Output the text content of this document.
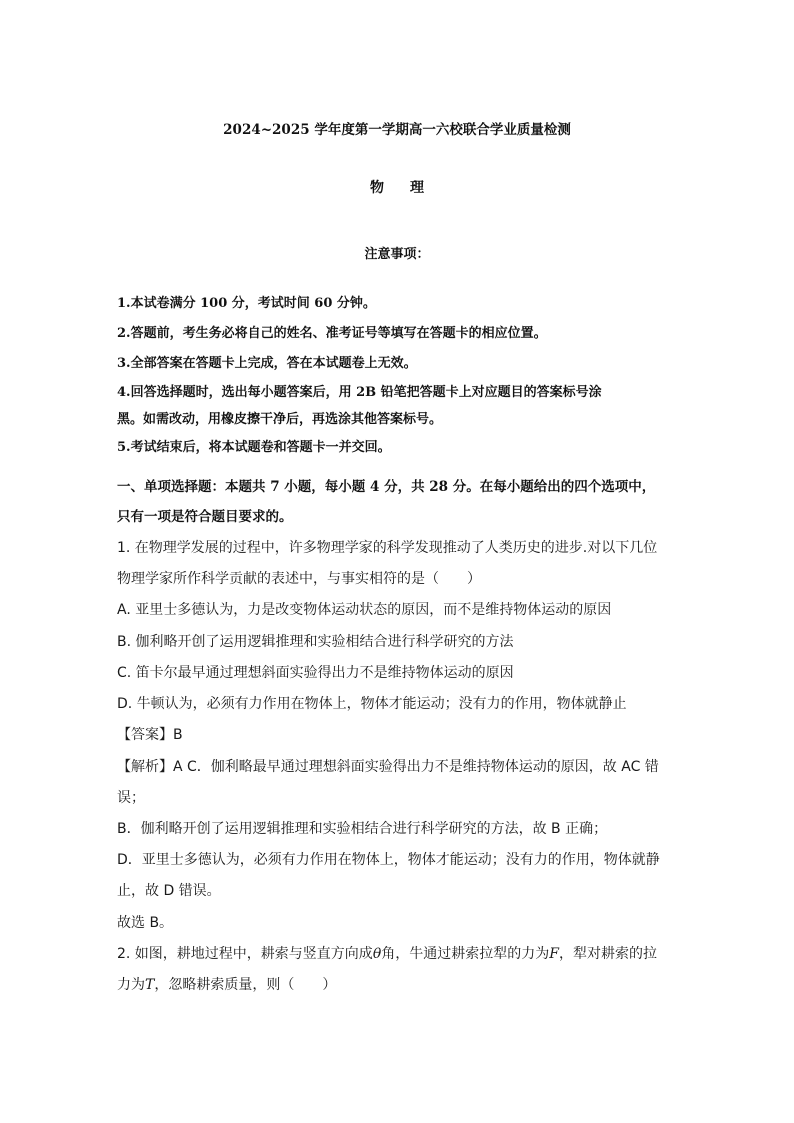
2024~2025 学年度第一学期高一六校联合学业质量检测
物理
注意事项：
1.本试卷满分 100 分，考试时间 60 分钟。
2.答题前，考生务必将自己的姓名、准考证号等填写在答题卡的相应位置。
3.全部答案在答题卡上完成，答在本试题卷上无效。
4.回答选择题时，选出每小题答案后，用 2B 铅笔把答题卡上对应题目的答案标号涂
黑。如需改动，用橡皮擦干净后，再选涂其他答案标号。
5.考试结束后，将本试题卷和答题卡一并交回。
一、单项选择题：本题共 7 小题，每小题 4 分，共 28 分。在每小题给出的四个选项中，
只有一项是符合题目要求的。
1. 在物理学发展的过程中，许多物理学家的科学发现推动了人类历史的进步.对以下几位
物理学家所作科学贡献的表述中，与事实相符的是（　　）
A. 亚里士多德认为，力是改变物体运动状态的原因，而不是维持物体运动的原因
B. 伽利略开创了运用逻辑推理和实验相结合进行科学研究的方法
C. 笛卡尔最早通过理想斜面实验得出力不是维持物体运动的原因
D. 牛顿认为，必须有力作用在物体上，物体才能运动；没有力的作用，物体就静止
【答案】B
【解析】A C．伽利略最早通过理想斜面实验得出力不是维持物体运动的原因，故 AC 错
误；
B．伽利略开创了运用逻辑推理和实验相结合进行科学研究的方法，故 B 正确；
D．亚里士多德认为，必须有力作用在物体上，物体才能运动；没有力的作用，物体就静
止，故 D 错误。
故选 B。
2. 如图，耕地过程中，耕索与竖直方向成θ角，牛通过耕索拉犁的力为F，犁对耕索的拉
力为T，忽略耕索质量，则（　　）
